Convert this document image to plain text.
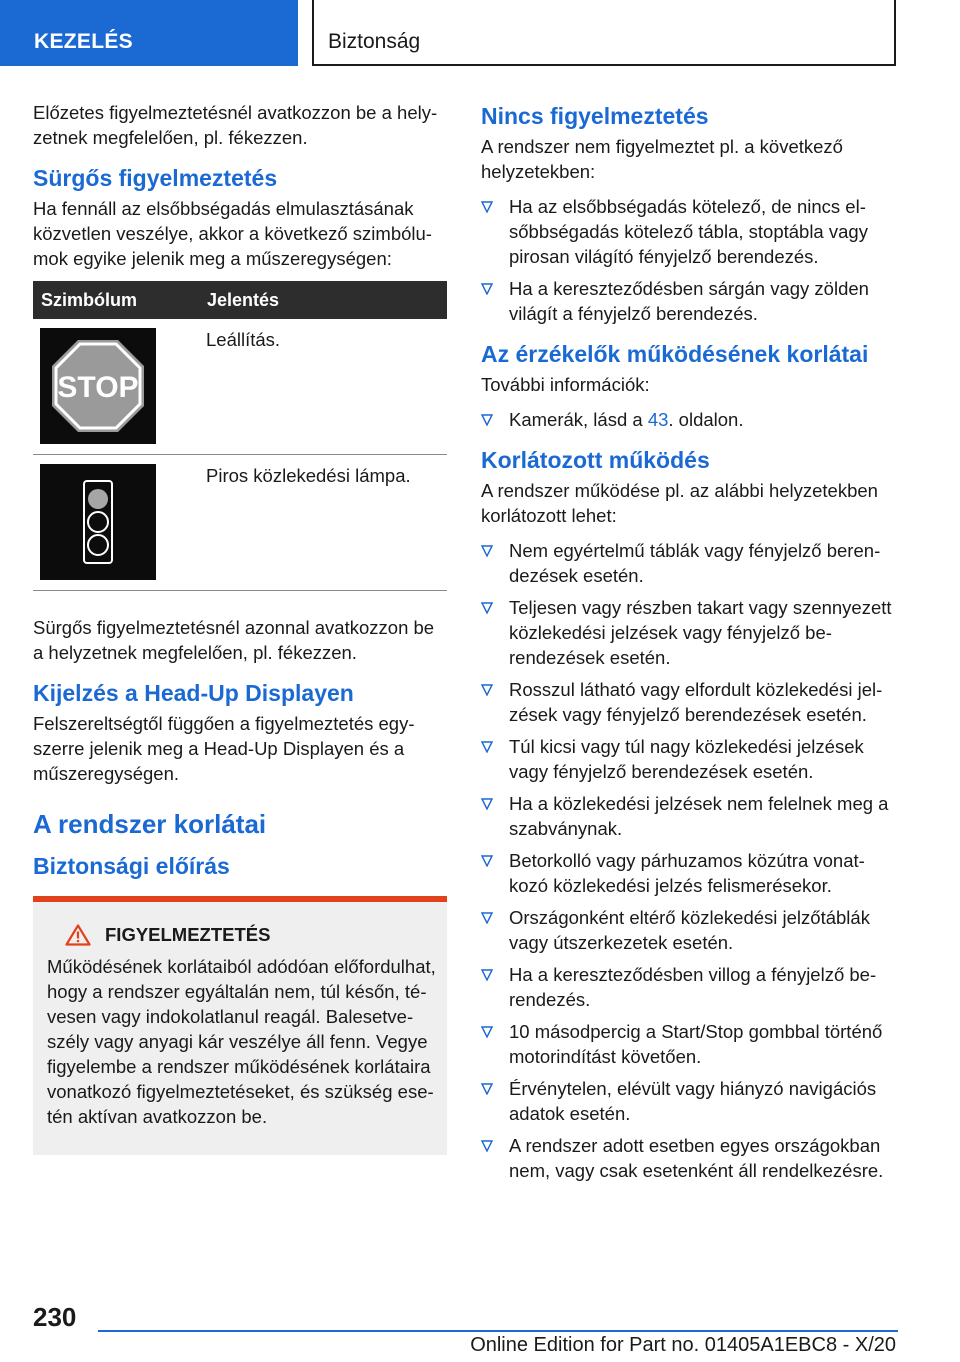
KEZELÉS	Biztonság

Előzetes figyelmeztetésnél avatkozzon be a helyzetnek megfelelően, pl. fékezzen.

Sürgős figyelmeztetés

Ha fennáll az elsőbbségadás elmulasztásának közvetlen veszélye, akkor a következő szimbólumok egyike jelenik meg a műszeregységen:

Szimbólum	Jelentés

STOP	Leállítás.

	Piros közlekedési lámpa.

Sürgős figyelmeztetésnél azonnal avatkozzon be a helyzetnek megfelelően, pl. fékezzen.

Kijelzés a Head-Up Displayen

Felszereltségtől függően a figyelmeztetés egyszerre jelenik meg a Head-Up Displayen és a műszeregységen.

A rendszer korlátai
Biztonsági előírás
FIGYELMEZTETÉS

Működésének korlátaiból adódóan előfordulhat, hogy a rendszer egyáltalán nem, túl későn, tévesen vagy indokolatlanul reagál. Balesetveszély vagy anyagi kár veszélye áll fenn. Vegye figyelembe a rendszer működésének korlátaira vonatkozó figyelmeztetéseket, és szükség esetén aktívan avatkozzon be.

Nincs figyelmeztetés

A rendszer nem figyelmeztet pl. a következő helyzetekben:

Ha az elsőbbségadás kötelező, de nincs elsőbbségadás kötelező tábla, stoptábla vagy pirosan világító fényjelző berendezés.
Ha a kereszteződésben sárgán vagy zölden világít a fényjelző berendezés.
Az érzékelők működésének korlátai

További információk:

Kamerák, lásd a 43. oldalon.
Korlátozott működés

A rendszer működése pl. az alábbi helyzetekben korlátozott lehet:

Nem egyértelmű táblák vagy fényjelző berendezések esetén.
Teljesen vagy részben takart vagy szennyezett közlekedési jelzések vagy fényjelző berendezések esetén.
Rosszul látható vagy elfordult közlekedési jelzések vagy fényjelző berendezések esetén.
Túl kicsi vagy túl nagy közlekedési jelzések vagy fényjelző berendezések esetén.
Ha a közlekedési jelzések nem felelnek meg a szabványnak.
Betorkolló vagy párhuzamos közútra vonatkozó közlekedési jelzés felismerésekor.
Országonként eltérő közlekedési jelzőtáblák vagy útszerkezetek esetén.
Ha a kereszteződésben villog a fényjelző berendezés.
10 másodpercig a Start/Stop gombbal történő motorindítást követően.
Érvénytelen, elévült vagy hiányzó navigációs adatok esetén.
A rendszer adott esetben egyes országokban nem, vagy csak esetenként áll rendelkezésre.
230
Online Edition for Part no. 01405A1EBC8 - X/20
